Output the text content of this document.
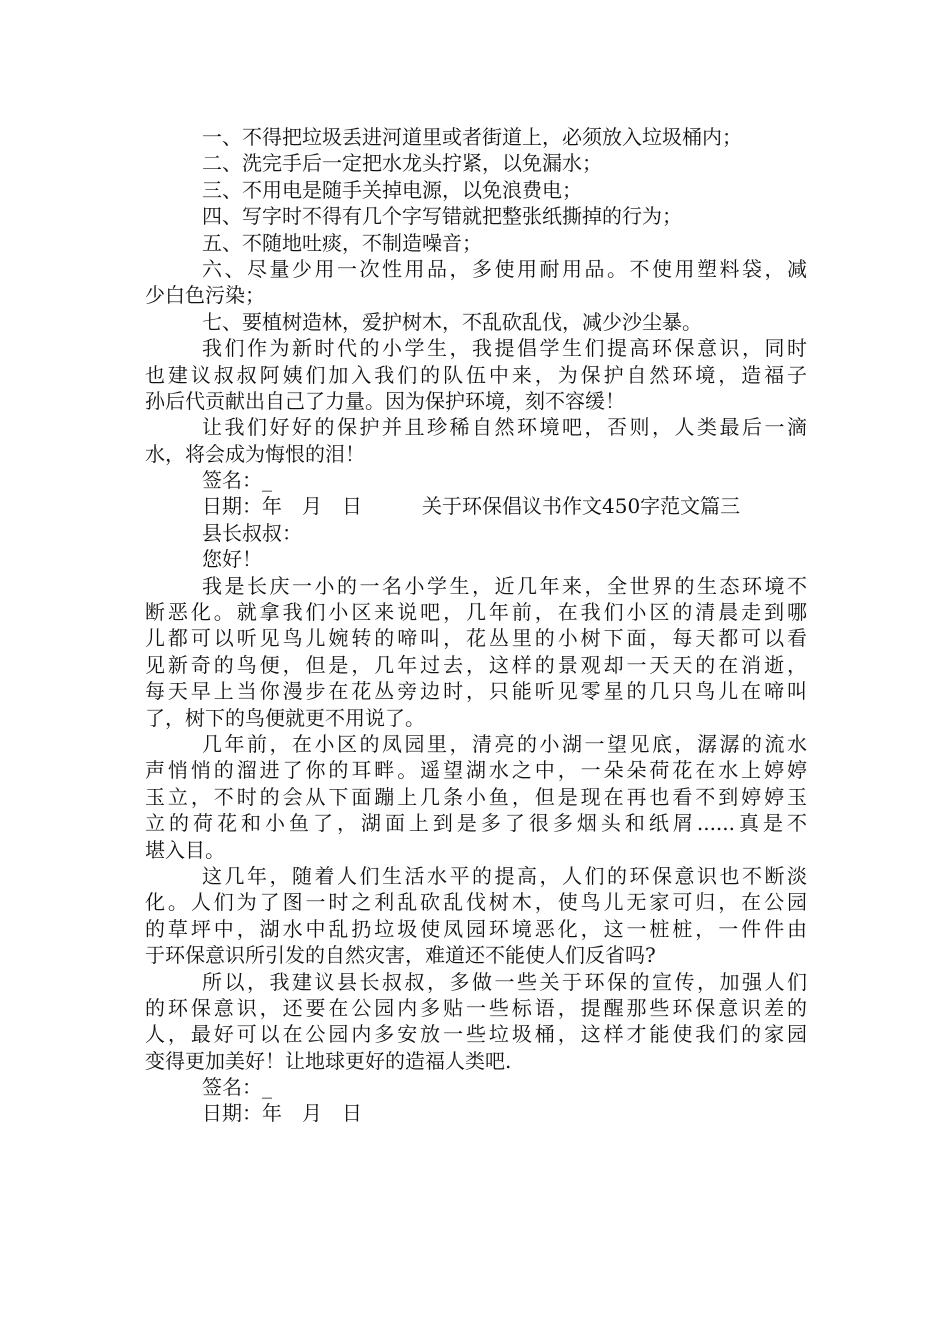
一、不得把垃圾丢进河道里或者街道上，必须放入垃圾桶内；
二、洗完手后一定把水龙头拧紧，以免漏水；
三、不用电是随手关掉电源，以免浪费电；
四、写字时不得有几个字写错就把整张纸撕掉的行为；
五、不随地吐痰，不制造噪音；
六、尽量少用一次性用品，多使用耐用品。不使用塑料袋，减
少白色污染；
七、要植树造林，爱护树木，不乱砍乱伐，减少沙尘暴。
我们作为新时代的小学生，我提倡学生们提高环保意识，同时
也建议叔叔阿姨们加入我们的队伍中来，为保护自然环境，造福子
孙后代贡献出自己了力量。因为保护环境，刻不容缓！
让我们好好的保护并且珍稀自然环境吧，否则，人类最后一滴
水，将会成为悔恨的泪！
签名：_
日期：年　月　日　　　关于环保倡议书作文450字范文篇三
县长叔叔：
您好！
我是长庆一小的一名小学生，近几年来，全世界的生态环境不
断恶化。就拿我们小区来说吧，几年前，在我们小区的清晨走到哪
儿都可以听见鸟儿婉转的啼叫，花丛里的小树下面，每天都可以看
见新奇的鸟便，但是，几年过去，这样的景观却一天天的在消逝，
每天早上当你漫步在花丛旁边时，只能听见零星的几只鸟儿在啼叫
了，树下的鸟便就更不用说了。
几年前，在小区的凤园里，清亮的小湖一望见底，潺潺的流水
声悄悄的溜进了你的耳畔。遥望湖水之中，一朵朵荷花在水上婷婷
玉立，不时的会从下面蹦上几条小鱼，但是现在再也看不到婷婷玉
立的荷花和小鱼了，湖面上到是多了很多烟头和纸屑......真是不
堪入目。
这几年，随着人们生活水平的提高，人们的环保意识也不断淡
化。人们为了图一时之利乱砍乱伐树木，使鸟儿无家可归，在公园
的草坪中，湖水中乱扔垃圾使凤园环境恶化，这一桩桩，一件件由
于环保意识所引发的自然灾害，难道还不能使人们反省吗?
所以，我建议县长叔叔，多做一些关于环保的宣传，加强人们
的环保意识，还要在公园内多贴一些标语，提醒那些环保意识差的
人，最好可以在公园内多安放一些垃圾桶，这样才能使我们的家园
变得更加美好！让地球更好的造福人类吧.
签名：_
日期：年　月　日
